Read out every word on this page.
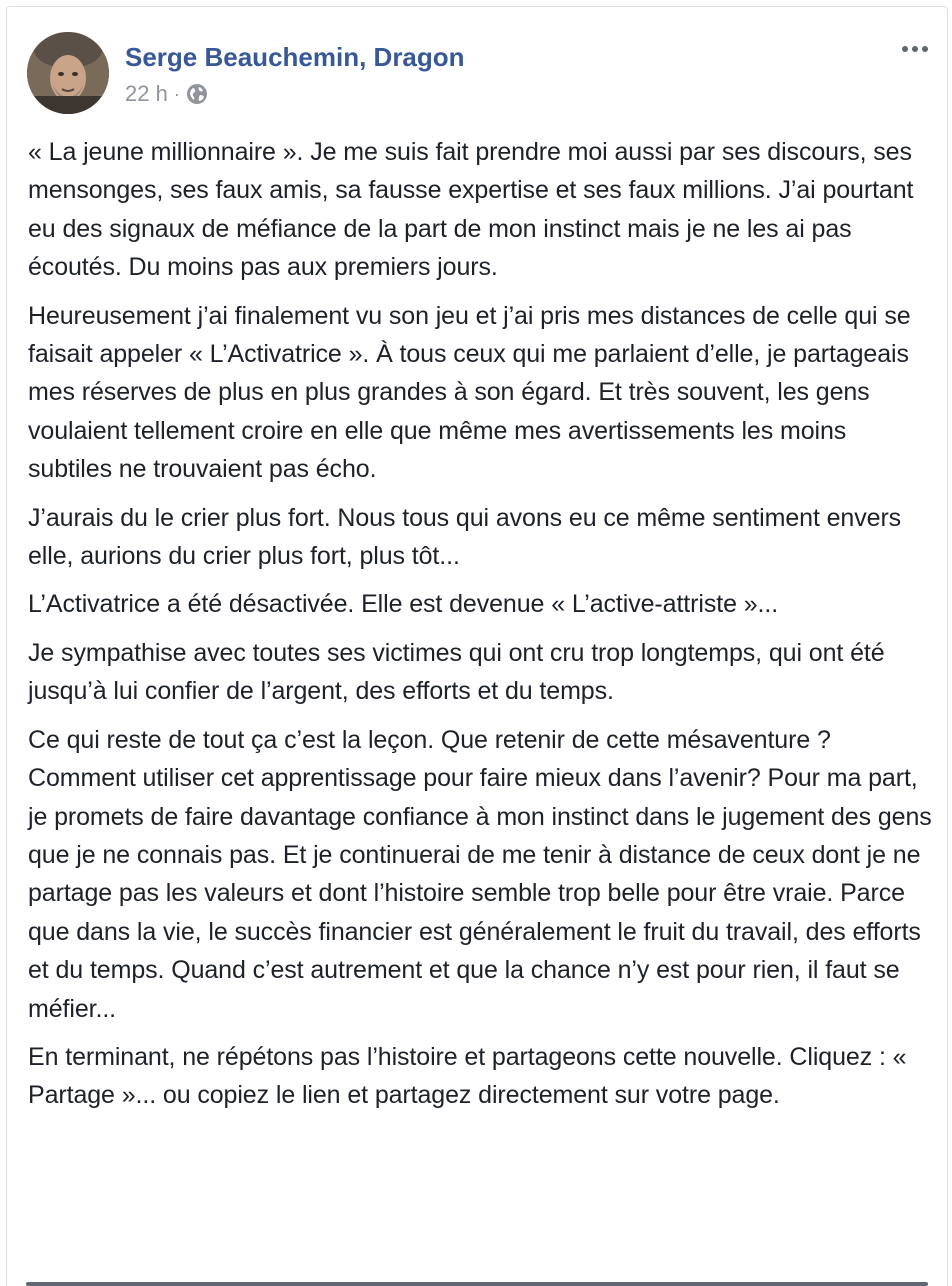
Serge Beauchemin, Dragon
22 h ·

« La jeune millionnaire ». Je me suis fait prendre moi aussi par ses discours, ses mensonges, ses faux amis, sa fausse expertise et ses faux millions. J’ai pourtant eu des signaux de méfiance de la part de mon instinct mais je ne les ai pas écoutés. Du moins pas aux premiers jours.

Heureusement j’ai finalement vu son jeu et j’ai pris mes distances de celle qui se faisait appeler « L’Activatrice ». À tous ceux qui me parlaient d’elle, je partageais mes réserves de plus en plus grandes à son égard. Et très souvent, les gens voulaient tellement croire en elle que même mes avertissements les moins subtiles ne trouvaient pas écho.

J’aurais du le crier plus fort. Nous tous qui avons eu ce même sentiment envers elle, aurions du crier plus fort, plus tôt...

L’Activatrice a été désactivée. Elle est devenue « L’active-attriste »...

Je sympathise avec toutes ses victimes qui ont cru trop longtemps, qui ont été jusqu’à lui confier de l’argent, des efforts et du temps.

Ce qui reste de tout ça c’est la leçon. Que retenir de cette mésaventure ? Comment utiliser cet apprentissage pour faire mieux dans l’avenir? Pour ma part, je promets de faire davantage confiance à mon instinct dans le jugement des gens que je ne connais pas. Et je continuerai de me tenir à distance de ceux dont je ne partage pas les valeurs et dont l’histoire semble trop belle pour être vraie. Parce que dans la vie, le succès financier est généralement le fruit du travail, des efforts et du temps. Quand c’est autrement et que la chance n’y est pour rien, il faut se méfier...

En terminant, ne répétons pas l’histoire et partageons cette nouvelle. Cliquez : « Partage »... ou copiez le lien et partagez directement sur votre page.
